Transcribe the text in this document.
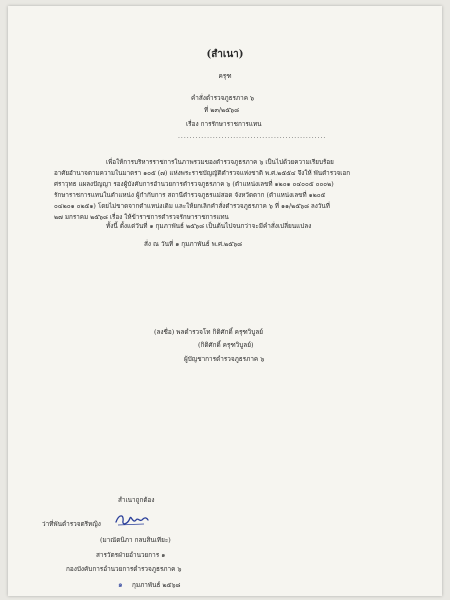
(สำเนา)
ครุฑ
คำสั่งตำรวจภูธรภาค ๖
ที่ ๒๓/๒๕๖๘
เรื่อง การรักษาราชการแทน
...................................................
เพื่อให้การบริหารราชการในภาพรวมของตำรวจภูธรภาค ๖ เป็นไปด้วยความเรียบร้อย
อาศัยอำนาจตามความในมาตรา ๑๐๕ (๗) แห่งพระราชบัญญัติตำรวจแห่งชาติ พ.ศ.๒๕๕๔ จึงให้ พันตำรวจเอก
ศราวุทธ แผลงปัญญา รองผู้บังคับการอำนวยการตำรวจภูธรภาค ๖ (ตำแหน่งเลขที่ ๑๒๐๑ ๐๔๐๐๕ ๐๐๐๒)
รักษาราชการแทนในตำแหน่ง ผู้กำกับการ สถานีตำรวจภูธรแม่สอด จังหวัดตาก (ตำแหน่งเลขที่ ๑๒๐๕
๐๔๒๐๑ ๐๒๕๑) โดยไม่ขาดจากตำแหน่งเดิม และให้ยกเลิกคำสั่งตำรวจภูธรภาค ๖ ที่ ๑๑/๒๕๖๘ ลงวันที่
๒๗ มกราคม ๒๕๖๘ เรื่อง ให้ข้าราชการตำรวจรักษาราชการแทน
ทั้งนี้ ตั้งแต่วันที่ ๑ กุมภาพันธ์ ๒๕๖๘ เป็นต้นไปจนกว่าจะมีคำสั่งเปลี่ยนแปลง
สั่ง ณ วันที่ ๑ กุมภาพันธ์ พ.ศ.๒๕๖๘
(ลงชื่อ) พลตำรวจโท กิติศักดิ์ ครุฑวิบูลย์
(กิติศักดิ์ ครุฑวิบูลย์)
ผู้บัญชาการตำรวจภูธรภาค ๖
สำเนาถูกต้อง
ว่าที่พันตำรวจตรีหญิง
(มาณัตนิภา กลบสินเทียะ)
สารวัตรฝ่ายอำนวยการ ๑
กองบังคับการอำนวยการตำรวจภูธรภาค ๖
๑ กุมภาพันธ์ ๒๕๖๘
